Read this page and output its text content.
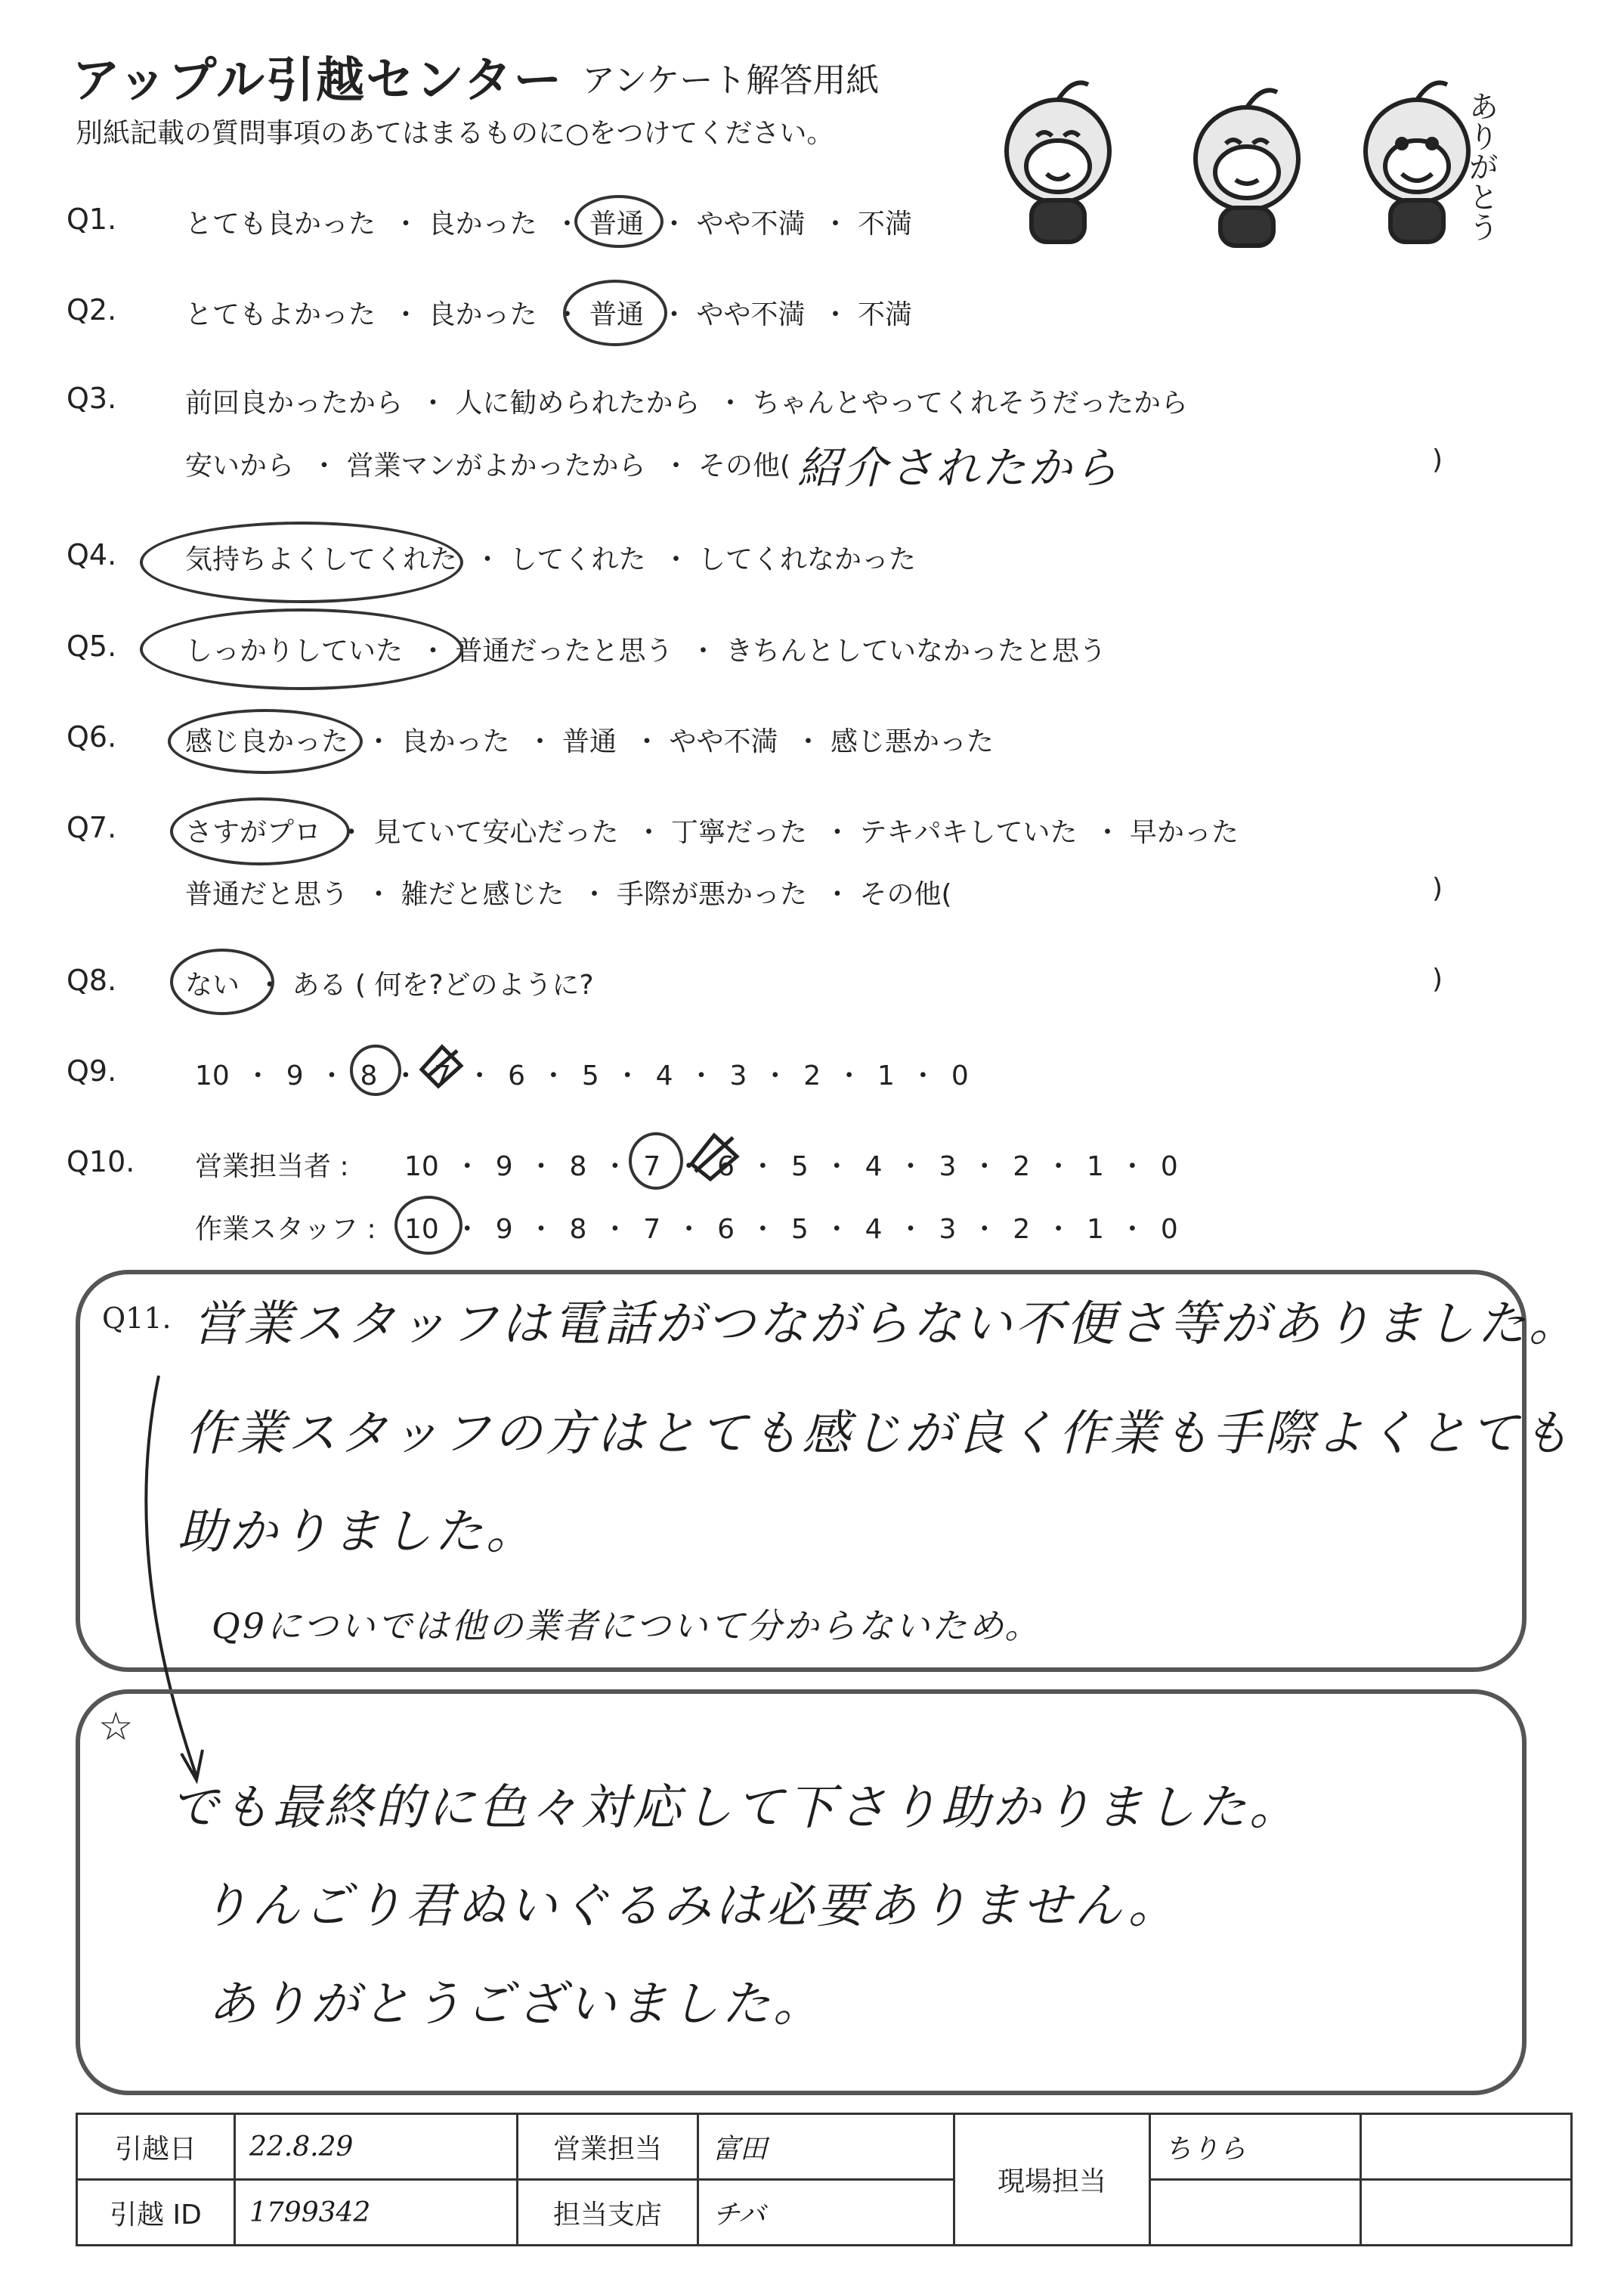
アップル引越センター アンケート解答用紙
別紙記載の質問事項のあてはまるものに○をつけてください。	ありがとう
Q1.	とても良かった ・ 良かった ・ 普通 ・ やや不満 ・ 不満
Q2.	とてもよかった ・ 良かった ・ 普通 ・ やや不満 ・ 不満
Q3.	前回良かったから ・ 人に勧められたから ・ ちゃんとやってくれそうだったから
安いから ・ 営業マンがよかったから ・ その他( 紹介されたから	)
Q4.	気持ちよくしてくれた ・ してくれた ・ してくれなかった
Q5.	しっかりしていた ・ 普通だったと思う ・ きちんとしていなかったと思う
Q6.	感じ良かった ・ 良かった ・ 普通 ・ やや不満 ・ 感じ悪かった
Q7.	さすがプロ ・ 見ていて安心だった ・ 丁寧だった ・ テキパキしていた ・ 早かった
普通だと思う ・ 雑だと感じた ・ 手際が悪かった ・ その他(	)
Q8.	ない ・ ある ( 何を?どのように?	)
Q9.	10 ・ 9 ・ 8 ・ 7 ・ 6 ・ 5 ・ 4 ・ 3 ・ 2 ・ 1 ・ 0
Q10. 営業担当者 : 10 ・ 9 ・ 8 ・ 7 ・ 6 ・ 5 ・ 4 ・ 3 ・ 2 ・ 1 ・ 0
作業スタッフ : 10 ・ 9 ・ 8 ・ 7 ・ 6 ・ 5 ・ 4 ・ 3 ・ 2 ・ 1 ・ 0
Q11. 営業スタッフは電話がつながらない不便さ等がありました。
作業スタッフの方はとても感じが良く作業も手際よくとても
助かりました。
Q9についでは他の業者について分からないため。
☆
でも最終的に色々対応して下さり助かりました。
りんごり君ぬいぐるみは必要ありません。
ありがとうございました。
引越日	22.8.29	営業担当	富田	現場担当	ちりら	
引越 ID	1799342	担当支店	チバ			
